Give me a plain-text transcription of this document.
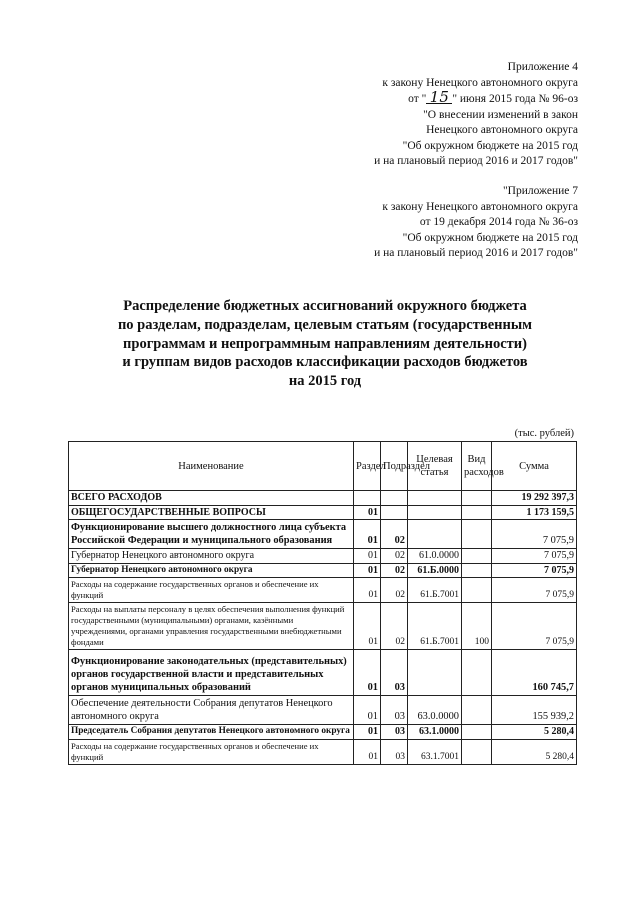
Приложение 4
к закону Ненецкого автономного округа
от " 15 " июня 2015 года № 96-оз
"О внесении изменений в закон
Ненецкого автономного округа
"Об окружном бюджете на 2015 год
и на плановый период 2016 и 2017 годов"
"Приложение 7
к закону Ненецкого автономного округа
от 19 декабря 2014 года № 36-оз
"Об окружном бюджете на 2015 год
и на плановый период 2016 и 2017 годов"
Распределение бюджетных ассигнований окружного бюджета
по разделам, подразделам, целевым статьям (государственным
программам и непрограммным направлениям деятельности)
и группам видов расходов классификации расходов бюджетов
на 2015 год
(тыс. рублей)
Наименование	Раздел	Подраздел	Целевая статья	Вид расходов	Сумма
ВСЕГО РАСХОДОВ					19 292 397,3
ОБЩЕГОСУДАРСТВЕННЫЕ ВОПРОСЫ	01				1 173 159,5
Функционирование высшего должностного лица субъекта Российской Федерации и муниципального образования	01	02			7 075,9
Губернатор Ненецкого автономного округа	01	02	61.0.0000		7 075,9
Губернатор Ненецкого автономного округа	01	02	61.Б.0000		7 075,9
Расходы на содержание государственных органов и обеспечение их функций	01	02	61.Б.7001		7 075,9
Расходы на выплаты персоналу в целях обеспечения выполнения функций государственными (муниципальными) органами, казёнными учреждениями, органами управления государственными внебюджетными фондами	01	02	61.Б.7001	100	7 075,9
Функционирование законодательных (представительных) органов государственной власти и представительных органов муниципальных образований	01	03			160 745,7
Обеспечение деятельности Собрания депутатов Ненецкого автономного округа	01	03	63.0.0000		155 939,2
Председатель Собрания депутатов Ненецкого автономного округа	01	03	63.1.0000		5 280,4
Расходы на содержание государственных органов и обеспечение их функций	01	03	63.1.7001		5 280,4
